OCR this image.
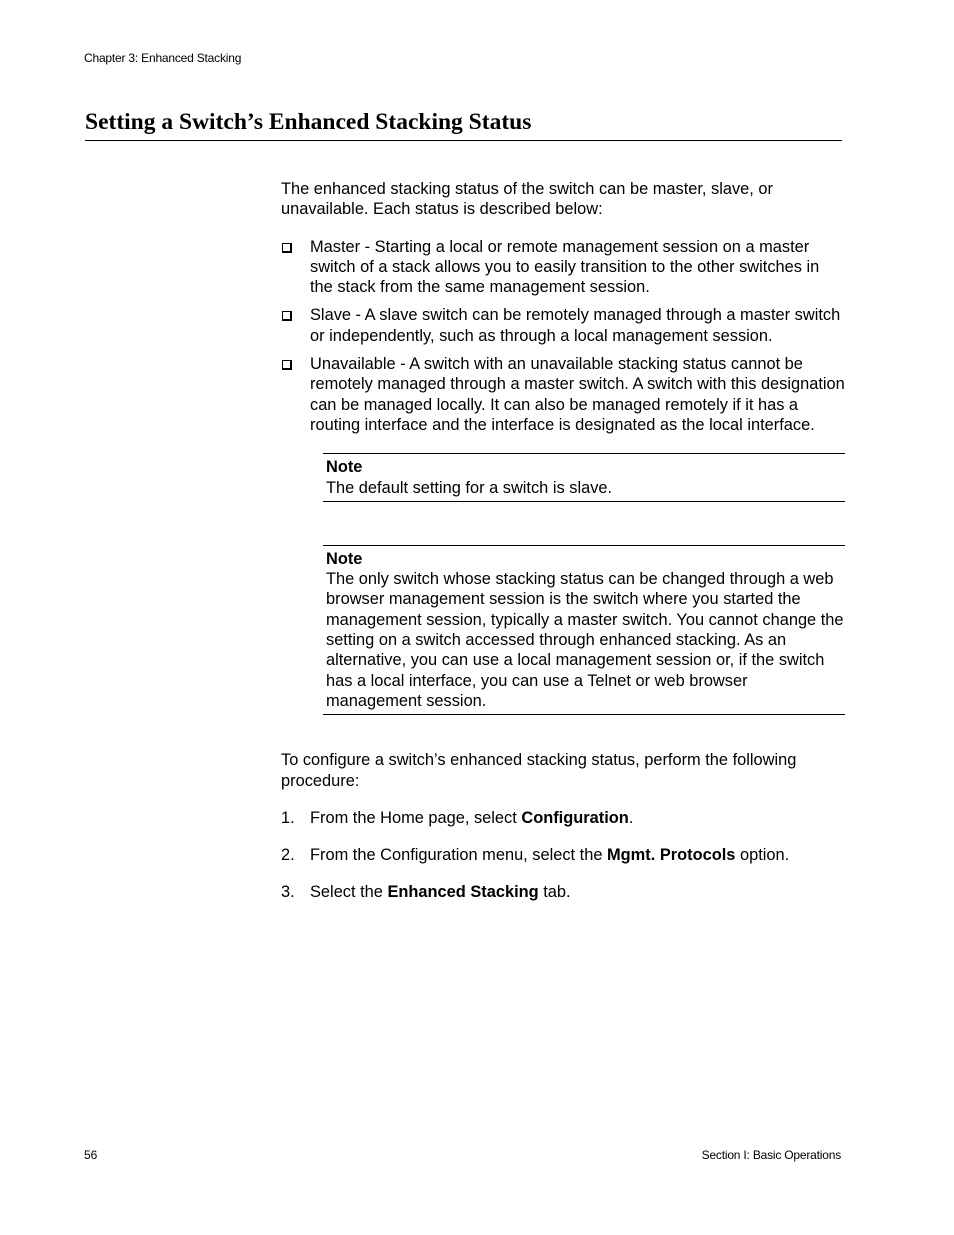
Chapter 3: Enhanced Stacking
Setting a Switch’s Enhanced Stacking Status

The enhanced stacking status of the switch can be master, slave, or unavailable. Each status is described below:

Master - Starting a local or remote management session on a master switch of a stack allows you to easily transition to the other switches in the stack from the same management session.
Slave - A slave switch can be remotely managed through a master switch or independently, such as through a local management session.
Unavailable - A switch with an unavailable stacking status cannot be remotely managed through a master switch. A switch with this designation can be managed locally. It can also be managed remotely if it has a routing interface and the interface is designated as the local interface.
Note
The default setting for a switch is slave.
Note
The only switch whose stacking status can be changed through a web browser management session is the switch where you started the management session, typically a master switch. You cannot change the setting on a switch accessed through enhanced stacking. As an alternative, you can use a local management session or, if the switch has a local interface, you can use a Telnet or web browser management session.

To configure a switch’s enhanced stacking status, perform the following procedure:

1. From the Home page, select Configuration.
2. From the Configuration menu, select the Mgmt. Protocols option.
3. Select the Enhanced Stacking tab.
56	Section I: Basic Operations
